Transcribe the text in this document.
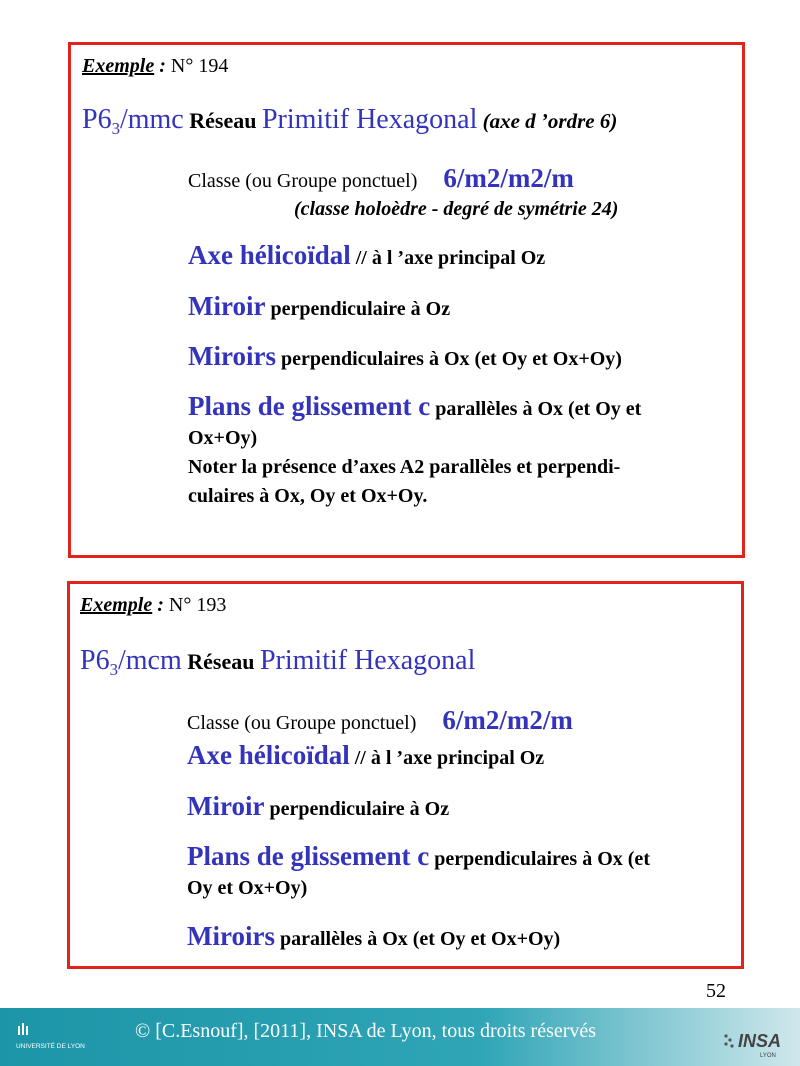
Exemple : N° 194
$P6_3$/mmc Réseau Primitif Hexagonal (axe d ’ordre 6)
Classe (ou Groupe ponctuel) 6/m2/m2/m
(classe holoèdre - degré de symétrie 24)
Axe hélicoïdal // à l ’axe principal Oz
Miroir perpendiculaire à Oz
Miroirs perpendiculaires à Ox (et Oy et Ox+Oy)
Plans de glissement c parallèles à Ox (et Oy et
Ox+Oy)
Noter la présence d’axes A2 parallèles et perpendi-
culaires à Ox, Oy et Ox+Oy.
Exemple : N° 193
$P6_3$/mcm Réseau Primitif Hexagonal
Classe (ou Groupe ponctuel) 6/m2/m2/m
Axe hélicoïdal // à l ’axe principal Oz
Miroir perpendiculaire à Oz
Plans de glissement c perpendiculaires à Ox (et
Oy et Ox+Oy)
Miroirs parallèles à Ox (et Oy et Ox+Oy)
52
UNIVERSITÉ DE LYON
© [C.Esnouf], [2011], INSA de Lyon, tous droits réservés	INSA
LYON
